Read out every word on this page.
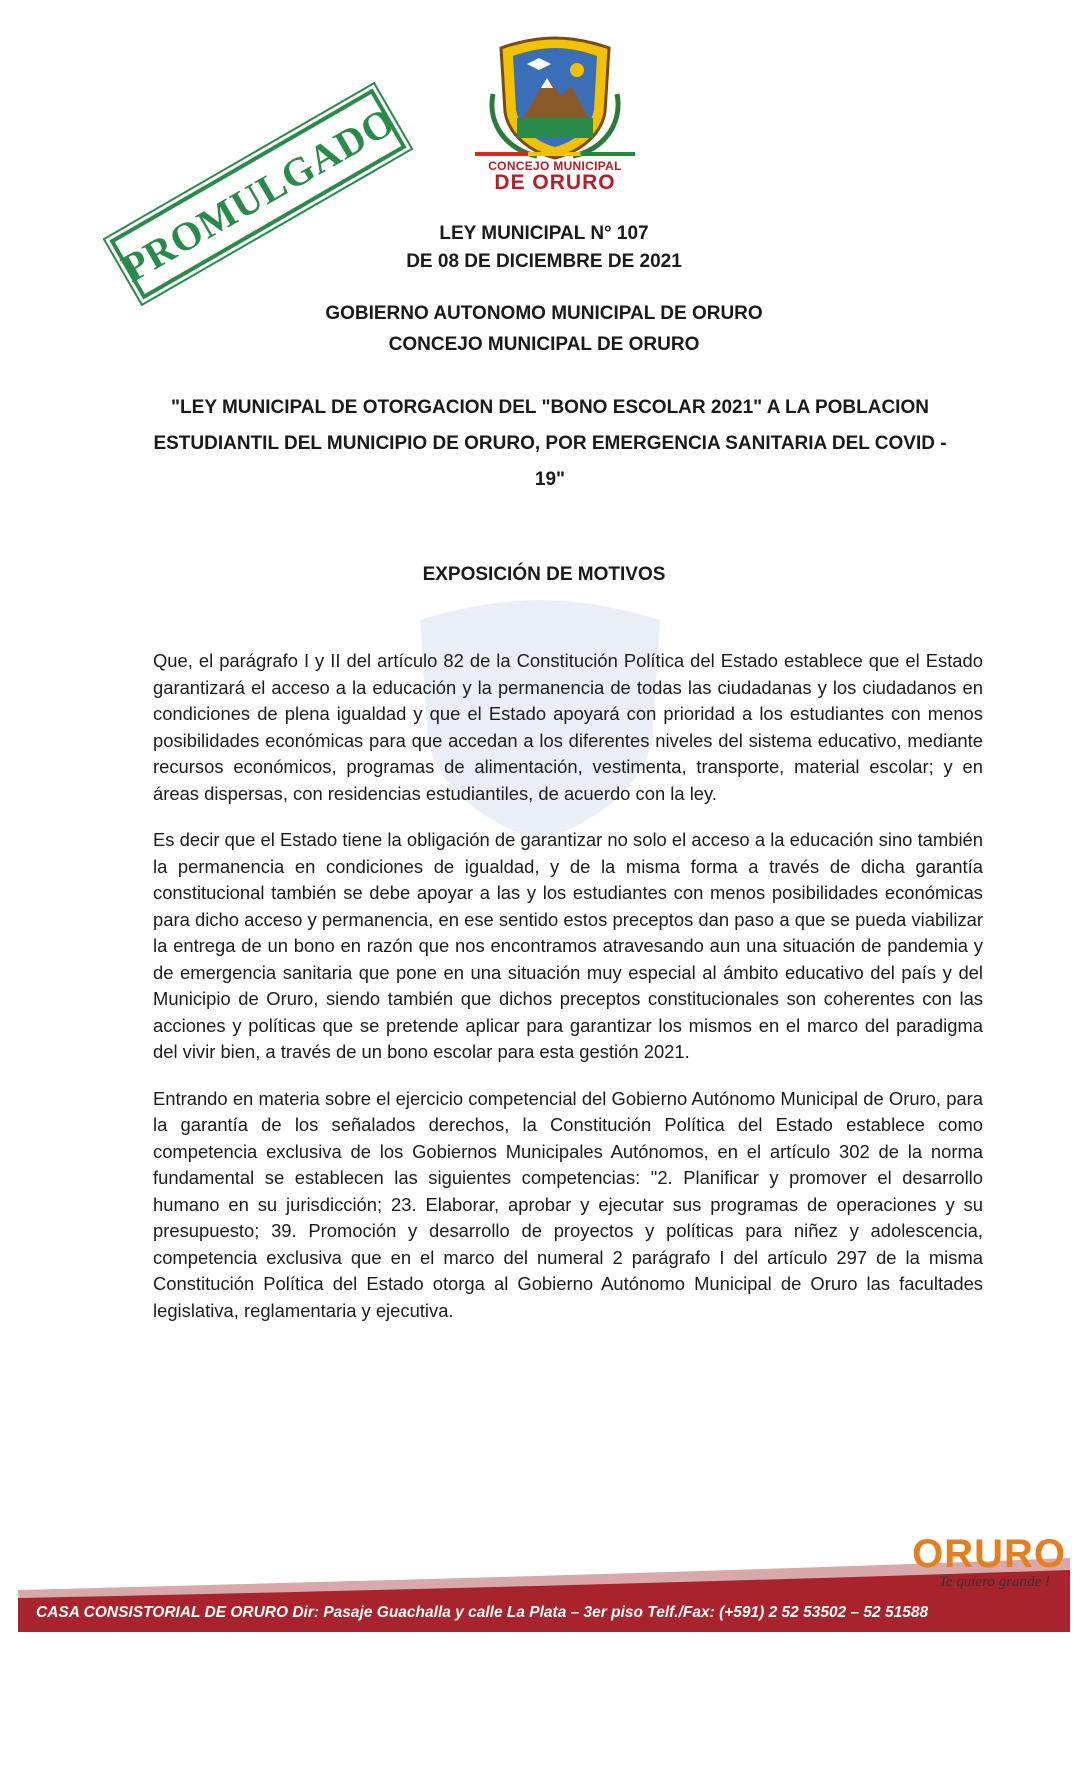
PROMULGADO	CONCEJO MUNICIPAL
DE ORURO
LEY MUNICIPAL N° 107
DE 08 DE DICIEMBRE DE 2021
GOBIERNO AUTONOMO MUNICIPAL DE ORURO
CONCEJO MUNICIPAL DE ORURO
"LEY MUNICIPAL DE OTORGACION DEL "BONO ESCOLAR 2021" A LA POBLACION ESTUDIANTIL DEL MUNICIPIO DE ORURO, POR EMERGENCIA SANITARIA DEL COVID - 19"
EXPOSICIÓN DE MOTIVOS

Que, el parágrafo I y II del artículo 82 de la Constitución Política del Estado establece que el Estado garantizará el acceso a la educación y la permanencia de todas las ciudadanas y los ciudadanos en condiciones de plena igualdad y que el Estado apoyará con prioridad a los estudiantes con menos posibilidades económicas para que accedan a los diferentes niveles del sistema educativo, mediante recursos económicos, programas de alimentación, vestimenta, transporte, material escolar; y en áreas dispersas, con residencias estudiantiles, de acuerdo con la ley.

Es decir que el Estado tiene la obligación de garantizar no solo el acceso a la educación sino también la permanencia en condiciones de igualdad, y de la misma forma a través de dicha garantía constitucional también se debe apoyar a las y los estudiantes con menos posibilidades económicas para dicho acceso y permanencia, en ese sentido estos preceptos dan paso a que se pueda viabilizar la entrega de un bono en razón que nos encontramos atravesando aun una situación de pandemia y de emergencia sanitaria que pone en una situación muy especial al ámbito educativo del país y del Municipio de Oruro, siendo también que dichos preceptos constitucionales son coherentes con las acciones y políticas que se pretende aplicar para garantizar los mismos en el marco del paradigma del vivir bien, a través de un bono escolar para esta gestión 2021.

Entrando en materia sobre el ejercicio competencial del Gobierno Autónomo Municipal de Oruro, para la garantía de los señalados derechos, la Constitución Política del Estado establece como competencia exclusiva de los Gobiernos Municipales Autónomos, en el artículo 302 de la norma fundamental se establecen las siguientes competencias: "2. Planificar y promover el desarrollo humano en su jurisdicción; 23. Elaborar, aprobar y ejecutar sus programas de operaciones y su presupuesto; 39. Promoción y desarrollo de proyectos y políticas para niñez y adolescencia, competencia exclusiva que en el marco del numeral 2 parágrafo I del artículo 297 de la misma Constitución Política del Estado otorga al Gobierno Autónomo Municipal de Oruro las facultades legislativa, reglamentaria y ejecutiva.

ORURO
Te quiero grande !
CASA CONSISTORIAL DE ORURO Dir: Pasaje Guachalla y calle La Plata – 3er piso Telf./Fax: (+591) 2 52 53502 – 52 51588
